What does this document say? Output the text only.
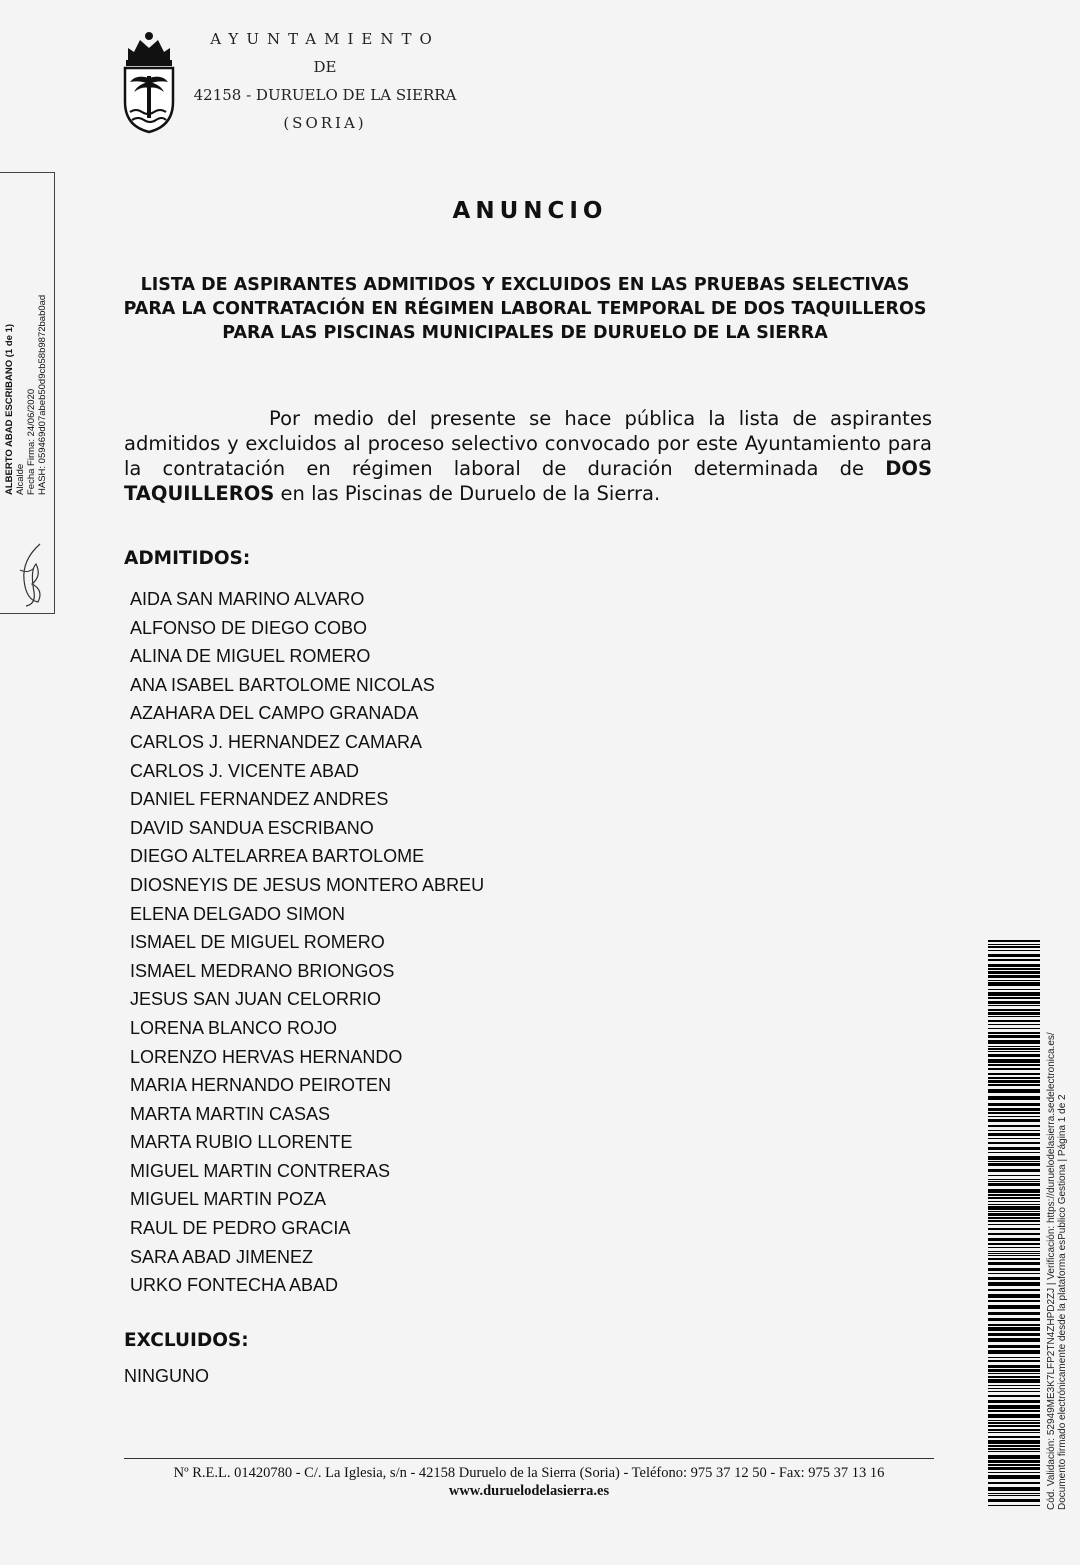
AYUNTAMIENTO
DE
42158 - DURUELO DE LA SIERRA
(SORIA)
ALBERTO ABAD ESCRIBANO (1 de 1) Alcalde Fecha Firma: 24/06/2020 HASH: 059469d07abeb50d9cb58b9872bab0ad
ANUNCIO
LISTA DE ASPIRANTES ADMITIDOS Y EXCLUIDOS EN LAS PRUEBAS SELECTIVAS PARA LA CONTRATACIÓN EN RÉGIMEN LABORAL TEMPORAL DE DOS TAQUILLEROS PARA LAS PISCINAS MUNICIPALES DE DURUELO DE LA SIERRA
Por medio del presente se hace pública la lista de aspirantes admitidos y excluidos al proceso selectivo convocado por este Ayuntamiento para la contratación en régimen laboral de duración determinada de DOS TAQUILLEROS en las Piscinas de Duruelo de la Sierra.
ADMITIDOS:
AIDA SAN MARINO ALVARO
ALFONSO DE DIEGO COBO
ALINA DE MIGUEL ROMERO
ANA ISABEL BARTOLOME NICOLAS
AZAHARA DEL CAMPO GRANADA
CARLOS J. HERNANDEZ CAMARA
CARLOS J. VICENTE ABAD
DANIEL FERNANDEZ ANDRES
DAVID SANDUA ESCRIBANO
DIEGO ALTELARREA BARTOLOME
DIOSNEYIS DE JESUS MONTERO ABREU
ELENA DELGADO SIMON
ISMAEL DE MIGUEL ROMERO
ISMAEL MEDRANO BRIONGOS
JESUS SAN JUAN CELORRIO
LORENA BLANCO ROJO
LORENZO HERVAS HERNANDO
MARIA HERNANDO PEIROTEN
MARTA MARTIN CASAS
MARTA RUBIO LLORENTE
MIGUEL MARTIN CONTRERAS
MIGUEL MARTIN POZA
RAUL DE PEDRO GRACIA
SARA ABAD JIMENEZ
URKO FONTECHA ABAD
EXCLUIDOS:
NINGUNO
Nº R.E.L. 01420780 - C/. La Iglesia, s/n - 42158 Duruelo de la Sierra (Soria) - Teléfono: 975 37 12 50 - Fax: 975 37 13 16
www.duruelodelasierra.es	Cód. Validación: 52949ME3K7LFP2TN4ZHPD2ZJ | Verificación: https://duruelodelasierra.sedelectronica.es/ Documento firmado electrónicamente desde la plataforma esPublico Gestiona | Página 1 de 2
